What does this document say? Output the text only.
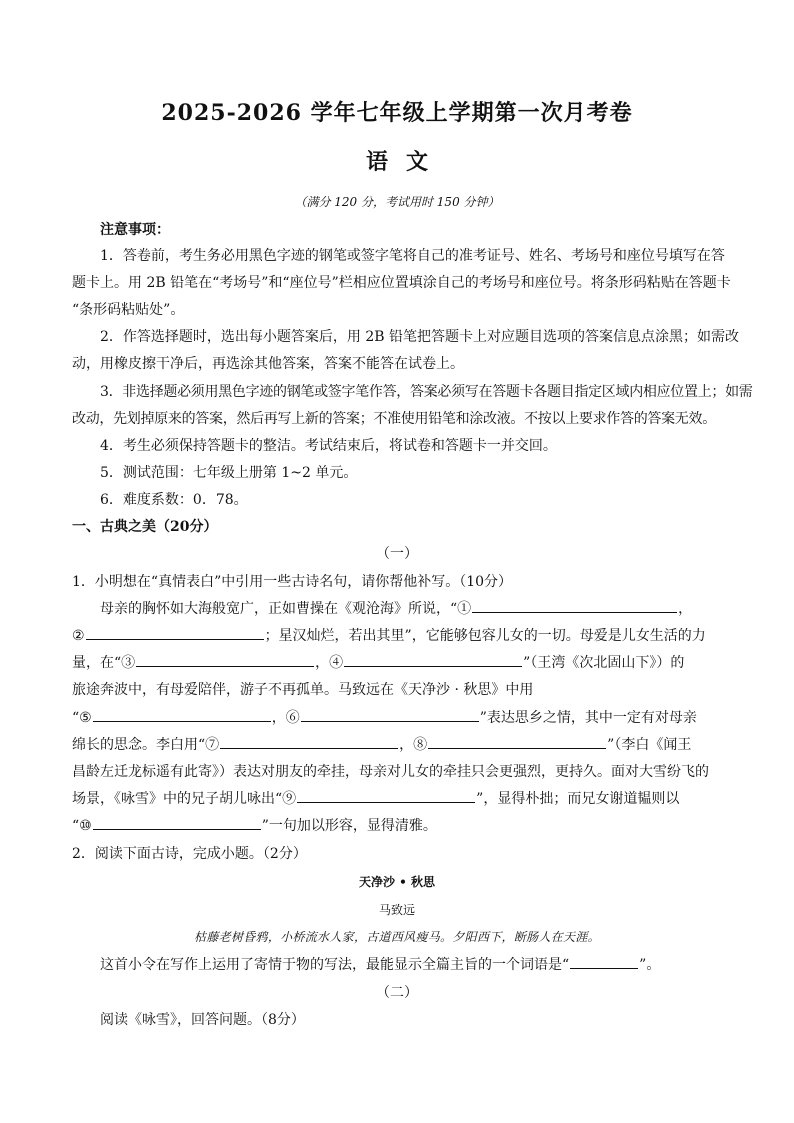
2025-2026 学年七年级上学期第一次月考卷
语文
（满分 120 分，考试用时 150 分钟）
注意事项：
1．答卷前，考生务必用黑色字迹的钢笔或签字笔将自己的准考证号、姓名、考场号和座位号填写在答
题卡上。用 2B 铅笔在“考场号”和“座位号”栏相应位置填涂自己的考场号和座位号。将条形码粘贴在答题卡
“条形码粘贴处”。
2．作答选择题时，选出每小题答案后，用 2B 铅笔把答题卡上对应题目选项的答案信息点涂黑；如需改
动，用橡皮擦干净后，再选涂其他答案，答案不能答在试卷上。
3．非选择题必须用黑色字迹的钢笔或签字笔作答，答案必须写在答题卡各题目指定区域内相应位置上；如需
改动，先划掉原来的答案，然后再写上新的答案；不准使用铅笔和涂改液。不按以上要求作答的答案无效。
4．考生必须保持答题卡的整洁。考试结束后，将试卷和答题卡一并交回。
5．测试范围：七年级上册第 1~2 单元。
6．难度系数：0．78。
一、古典之美（20分）
（一）
1．小明想在“真情表白”中引用一些古诗名句，请你帮他补写。（10分）
母亲的胸怀如大海般宽广，正如曹操在《观沧海》所说，“①	，
②	；星汉灿烂，若出其里”，它能够包容儿女的一切。母爱是儿女生活的力
量，在“③	，④	”（王湾《次北固山下》）的
旅途奔波中，有母爱陪伴，游子不再孤单。马致远在《天净沙 · 秋思》中用
“⑤	，⑥	”表达思乡之情，其中一定有对母亲
绵长的思念。李白用“⑦	，⑧	”（李白《闻王
昌龄左迁龙标遥有此寄》）表达对朋友的牵挂，母亲对儿女的牵挂只会更强烈，更持久。面对大雪纷飞的
场景，《咏雪》中的兄子胡儿咏出“⑨	”，显得朴拙；而兄女谢道韫则以
“⑩	”一句加以形容，显得清雅。
2．阅读下面古诗，完成小题。（2分）
天净沙 • 秋思
马致远
枯藤老树昏鸦，小桥流水人家，古道西风瘦马。夕阳西下，断肠人在天涯。
这首小令在写作上运用了寄情于物的写法，最能显示全篇主旨的一个词语是“	”。
（二）
阅读《咏雪》，回答问题。（8分）
